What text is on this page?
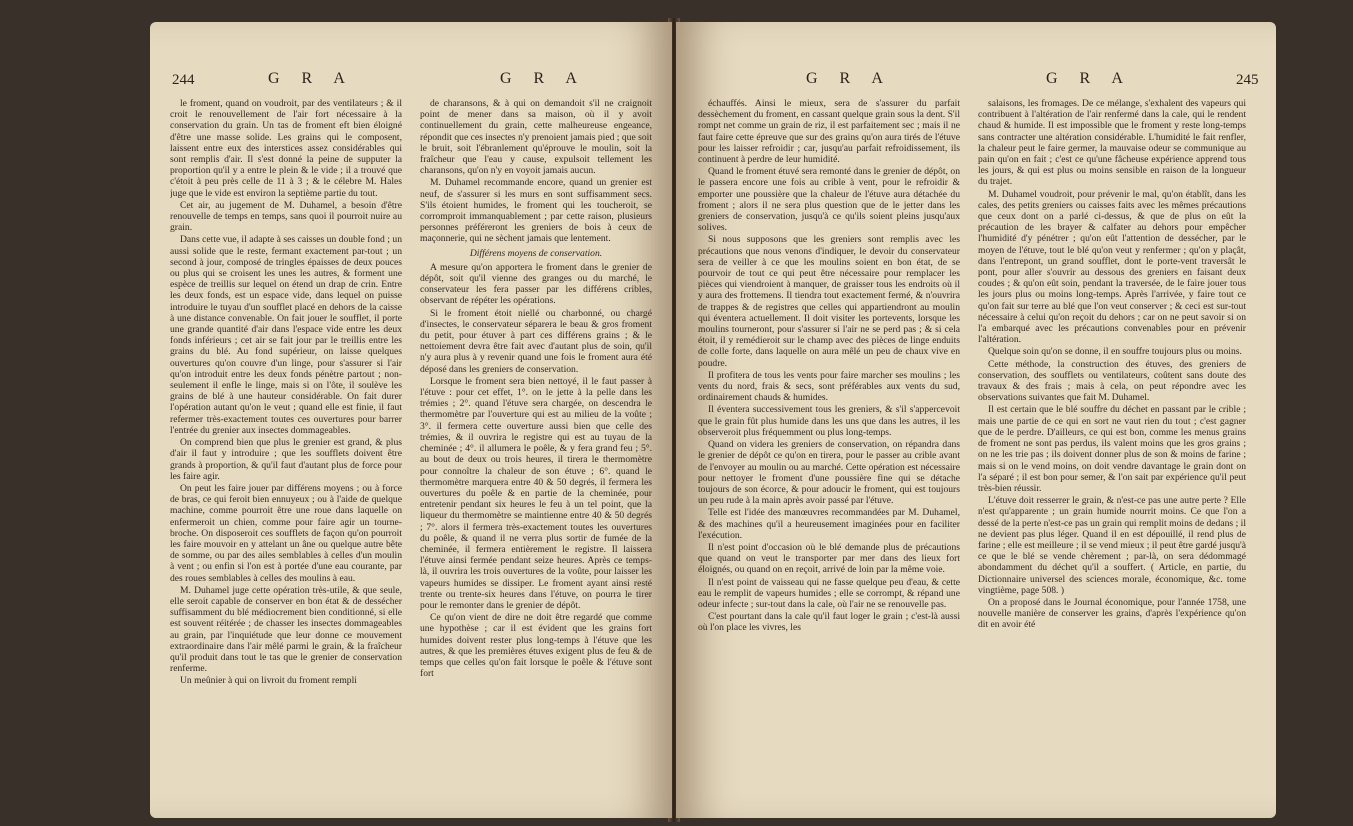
244	G R A	G R A

le froment, quand on voudroit, par des ventilateurs ; & il croit le renouvellement de l'air fort nécessaire à la conservation du grain. Un tas de froment eft bien éloigné d'être une masse solide. Les grains qui le composent, laissent entre eux des interstices assez considérables qui sont remplis d'air. Il s'est donné la peine de supputer la proportion qu'il y a entre le plein & le vide ; il a trouvé que c'étoit à peu près celle de 11 à 3 ; & le célebre M. Hales juge que le vide est environ la septième partie du tout.

Cet air, au jugement de M. Duhamel, a besoin d'être renouvelle de temps en temps, sans quoi il pourroit nuire au grain.

Dans cette vue, il adapte à ses caisses un double fond ; un aussi solide que le reste, fermant exactement par-tout ; un second à jour, composé de tringles épaisses de deux pouces ou plus qui se croisent les unes les autres, & forment une espèce de treillis sur lequel on étend un drap de crin. Entre les deux fonds, est un espace vide, dans lequel on puisse introduire le tuyau d'un soufflet placé en dehors de la caisse à une distance convenable. On fait jouer le soufflet, il porte une grande quantité d'air dans l'espace vide entre les deux fonds inférieurs ; cet air se fait jour par le treillis entre les grains du blé. Au fond supérieur, on laisse quelques ouvertures qu'on couvre d'un linge, pour s'assurer si l'air qu'on introduit entre les deux fonds pénètre partout ; non-seulement il enfle le linge, mais si on l'ôte, il soulève les grains de blé à une hauteur considérable. On fait durer l'opération autant qu'on le veut ; quand elle est finie, il faut refermer très-exactement toutes ces ouvertures pour barrer l'entrée du grenier aux insectes dommageables.

On comprend bien que plus le grenier est grand, & plus d'air il faut y introduire ; que les soufflets doivent être grands à proportion, & qu'il faut d'autant plus de force pour les faire agir.

On peut les faire jouer par différens moyens ; ou à force de bras, ce qui feroit bien ennuyeux ; ou à l'aide de quelque machine, comme pourroit être une roue dans laquelle on enfermeroit un chien, comme pour faire agir un tourne-broche. On disposeroit ces soufflets de façon qu'on pourroit les faire mouvoir en y attelant un âne ou quelque autre bête de somme, ou par des ailes semblables à celles d'un moulin à vent ; ou enfin si l'on est à portée d'une eau courante, par des roues semblables à celles des moulins à eau.

M. Duhamel juge cette opération très-utile, & que seule, elle seroit capable de conserver en bon état & de dessécher suffisamment du blé médiocrement bien conditionné, si elle est souvent réitérée ; de chasser les insectes dommageables au grain, par l'inquiétude que leur donne ce mouvement extraordinaire dans l'air mêlé parmi le grain, & la fraîcheur qu'il produit dans tout le tas que le grenier de conservation renferme.

Un meûnier à qui on livroit du froment rempli

de charansons, & à qui on demandoit s'il ne craignoit point de mener dans sa maison, où il y avoit continuellement du grain, cette malheureuse engeance, répondit que ces insectes n'y prenoient jamais pied ; que soit le bruit, soit l'ébranlement qu'éprouve le moulin, soit la fraîcheur que l'eau y cause, expulsoit tellement les charansons, qu'on n'y en voyoit jamais aucun.

M. Duhamel recommande encore, quand un grenier est neuf, de s'assurer si les murs en sont suffisamment secs. S'ils étoient humides, le froment qui les toucheroit, se corromproit immanquablement ; par cette raison, plusieurs personnes préféreront les greniers de bois à ceux de maçonnerie, qui ne sèchent jamais que lentement.

Différens moyens de conservation.

A mesure qu'on apportera le froment dans le grenier de dépôt, soit qu'il vienne des granges ou du marché, le conservateur les fera passer par les différens cribles, observant de répéter les opérations.

Si le froment étoit niellé ou charbonné, ou chargé d'insectes, le conservateur séparera le beau & gros froment du petit, pour étuver à part ces différens grains ; & le nettoiement devra être fait avec d'autant plus de soin, qu'il n'y aura plus à y revenir quand une fois le froment aura été déposé dans les greniers de conservation.

Lorsque le froment sera bien nettoyé, il le faut passer à l'étuve : pour cet effet, 1°. on le jette à la pelle dans les trémies ; 2°. quand l'étuve sera chargée, on descendra le thermomètre par l'ouverture qui est au milieu de la voûte ; 3°. il fermera cette ouverture aussi bien que celle des trémies, & il ouvrira le registre qui est au tuyau de la cheminée ; 4°. il allumera le poêle, & y fera grand feu ; 5°. au bout de deux ou trois heures, il tirera le thermomètre pour connoître la chaleur de son étuve ; 6°. quand le thermomètre marquera entre 40 & 50 degrés, il fermera les ouvertures du poêle & en partie de la cheminée, pour entretenir pendant six heures le feu à un tel point, que la liqueur du thermomètre se maintienne entre 40 & 50 degrés ; 7°. alors il fermera très-exactement toutes les ouvertures du poêle, & quand il ne verra plus sortir de fumée de la cheminée, il fermera entièrement le registre. Il laissera l'étuve ainsi fermée pendant seize heures. Après ce temps-là, il ouvrira les trois ouvertures de la voûte, pour laisser les vapeurs humides se dissiper. Le froment ayant ainsi resté trente ou trente-six heures dans l'étuve, on pourra le tirer pour le remonter dans le grenier de dépôt.

Ce qu'on vient de dire ne doit être regardé que comme une hypothèse ; car il est évident que les grains fort humides doivent rester plus long-temps à l'étuve que les autres, & que les premières étuves exigent plus de feu & de temps que celles qu'on fait lorsque le poêle & l'étuve sont fort

G R A	G R A	245

échauffés. Ainsi le mieux, sera de s'assurer du parfait dessèchement du froment, en cassant quelque grain sous la dent. S'il rompt net comme un grain de riz, il est parfaitement sec ; mais il ne faut faire cette épreuve que sur des grains qu'on aura tirés de l'étuve pour les laisser refroidir ; car, jusqu'au parfait refroidissement, ils continuent à perdre de leur humidité.

Quand le froment étuvé sera remonté dans le grenier de dépôt, on le passera encore une fois au crible à vent, pour le refroidir & emporter une poussière que la chaleur de l'étuve aura détachée du froment ; alors il ne sera plus question que de le jetter dans les greniers de conservation, jusqu'à ce qu'ils soient pleins jusqu'aux solives.

Si nous supposons que les greniers sont remplis avec les précautions que nous venons d'indiquer, le devoir du conservateur sera de veiller à ce que les moulins soient en bon état, de se pourvoir de tout ce qui peut être nécessaire pour remplacer les pièces qui viendroient à manquer, de graisser tous les endroits où il y aura des frottemens. Il tiendra tout exactement fermé, & n'ouvrira de trappes & de registres que celles qui appartiendront au moulin qui éventera actuellement. Il doit visiter les portevents, lorsque les moulins tourneront, pour s'assurer si l'air ne se perd pas ; & si cela étoit, il y remédieroit sur le champ avec des pièces de linge enduits de colle forte, dans laquelle on aura mêlé un peu de chaux vive en poudre.

Il profitera de tous les vents pour faire marcher ses moulins ; les vents du nord, frais & secs, sont préférables aux vents du sud, ordinairement chauds & humides.

Il éventera successivement tous les greniers, & s'il s'appercevoit que le grain fût plus humide dans les uns que dans les autres, il les observeroit plus fréquemment ou plus long-temps.

Quand on videra les greniers de conservation, on répandra dans le grenier de dépôt ce qu'on en tirera, pour le passer au crible avant de l'envoyer au moulin ou au marché. Cette opération est nécessaire pour nettoyer le froment d'une poussière fine qui se détache toujours de son écorce, & pour adoucir le froment, qui est toujours un peu rude à la main après avoir passé par l'étuve.

Telle est l'idée des manœuvres recommandées par M. Duhamel, & des machines qu'il a heureusement imaginées pour en faciliter l'exécution.

Il n'est point d'occasion où le blé demande plus de précautions que quand on veut le transporter par mer dans des lieux fort éloignés, ou quand on en reçoit, arrivé de loin par la même voie.

Il n'est point de vaisseau qui ne fasse quelque peu d'eau, & cette eau le remplit de vapeurs humides ; elle se corrompt, & répand une odeur infecte ; sur-tout dans la cale, où l'air ne se renouvelle pas.

C'est pourtant dans la cale qu'il faut loger le grain ; c'est-là aussi où l'on place les vivres, les

salaisons, les fromages. De ce mélange, s'exhalent des vapeurs qui contribuent à l'altération de l'air renfermé dans la cale, qui le rendent chaud & humide. Il est impossible que le froment y reste long-temps sans contracter une altération considérable. L'humidité le fait renfler, la chaleur peut le faire germer, la mauvaise odeur se communique au pain qu'on en fait ; c'est ce qu'une fâcheuse expérience apprend tous les jours, & qui est plus ou moins sensible en raison de la longueur du trajet.

M. Duhamel voudroit, pour prévenir le mal, qu'on établît, dans les cales, des petits greniers ou caisses faits avec les mêmes précautions que ceux dont on a parlé ci-dessus, & que de plus on eût la précaution de les brayer & calfater au dehors pour empêcher l'humidité d'y pénétrer ; qu'on eût l'attention de dessécher, par le moyen de l'étuve, tout le blé qu'on veut y renfermer ; qu'on y plaçât, dans l'entrepont, un grand soufflet, dont le porte-vent traversât le pont, pour aller s'ouvrir au dessous des greniers en faisant deux coudes ; & qu'on eût soin, pendant la traversée, de le faire jouer tous les jours plus ou moins long-temps. Après l'arrivée, y faire tout ce qu'on fait sur terre au blé que l'on veut conserver ; & ceci est sur-tout nécessaire à celui qu'on reçoit du dehors ; car on ne peut savoir si on l'a embarqué avec les précautions convenables pour en prévenir l'altération.

Quelque soin qu'on se donne, il en souffre toujours plus ou moins.

Cette méthode, la construction des étuves, des greniers de conservation, des soufflets ou ventilateurs, coûtent sans doute des travaux & des frais ; mais à cela, on peut répondre avec les observations suivantes que fait M. Duhamel.

Il est certain que le blé souffre du déchet en passant par le crible ; mais une partie de ce qui en sort ne vaut rien du tout ; c'est gagner que de le perdre. D'ailleurs, ce qui est bon, comme les menus grains de froment ne sont pas perdus, ils valent moins que les gros grains ; on ne les trie pas ; ils doivent donner plus de son & moins de farine ; mais si on le vend moins, on doit vendre davantage le grain dont on l'a séparé ; il est bon pour semer, & l'on sait par expérience qu'il peut très-bien réussir.

L'étuve doit resserrer le grain, & n'est-ce pas une autre perte ? Elle n'est qu'apparente ; un grain humide nourrit moins. Ce que l'on a dessé de la perte n'est-ce pas un grain qui remplit moins de dedans ; il ne devient pas plus léger. Quand il en est dépouillé, il rend plus de farine ; elle est meilleure ; il se vend mieux ; il peut être gardé jusqu'à ce que le blé se vende chèrement ; par-là, on sera dédommagé abondamment du déchet qu'il a souffert. ( Article, en partie, du Dictionnaire universel des sciences morale, économique, &c. tome vingtième, page 508. )

On a proposé dans le Journal économique, pour l'année 1758, une nouvelle manière de conserver les grains, d'après l'expérience qu'on dit en avoir été
